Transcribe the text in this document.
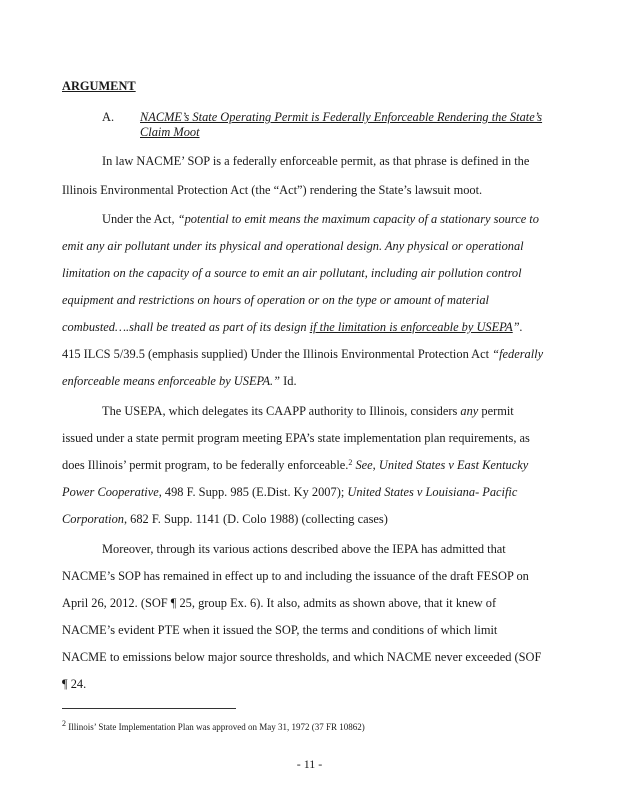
ARGUMENT
A. NACME’s State Operating Permit is Federally Enforceable Rendering the State’s
Claim Moot
In law NACME’ SOP is a federally enforceable permit, as that phrase is defined in the
Illinois Environmental Protection Act (the “Act”) rendering the State’s lawsuit moot.
Under the Act, “potential to emit means the maximum capacity of a stationary source to
emit any air pollutant under its physical and operational design. Any physical or operational
limitation on the capacity of a source to emit an air pollutant, including air pollution control
equipment and restrictions on hours of operation or on the type or amount of material
combusted….shall be treated as part of its design if the limitation is enforceable by USEPA”.
415 ILCS 5/39.5 (emphasis supplied) Under the Illinois Environmental Protection Act “federally
enforceable means enforceable by USEPA.” Id.
The USEPA, which delegates its CAAPP authority to Illinois, considers any permit
issued under a state permit program meeting EPA’s state implementation plan requirements, as
does Illinois’ permit program, to be federally enforceable.$^2$ See, United States v East Kentucky
Power Cooperative, 498 F. Supp. 985 (E.Dist. Ky 2007); United States v Louisiana- Pacific
Corporation, 682 F. Supp. 1141 (D. Colo 1988) (collecting cases)
Moreover, through its various actions described above the IEPA has admitted that
NACME’s SOP has remained in effect up to and including the issuance of the draft FESOP on
April 26, 2012. (SOF ¶ 25, group Ex. 6). It also, admits as shown above, that it knew of
NACME’s evident PTE when it issued the SOP, the terms and conditions of which limit
NACME to emissions below major source thresholds, and which NACME never exceeded (SOF
¶ 24.
$^2$ Illinois’ State Implementation Plan was approved on May 31, 1972 (37 FR 10862)
- 11 -
